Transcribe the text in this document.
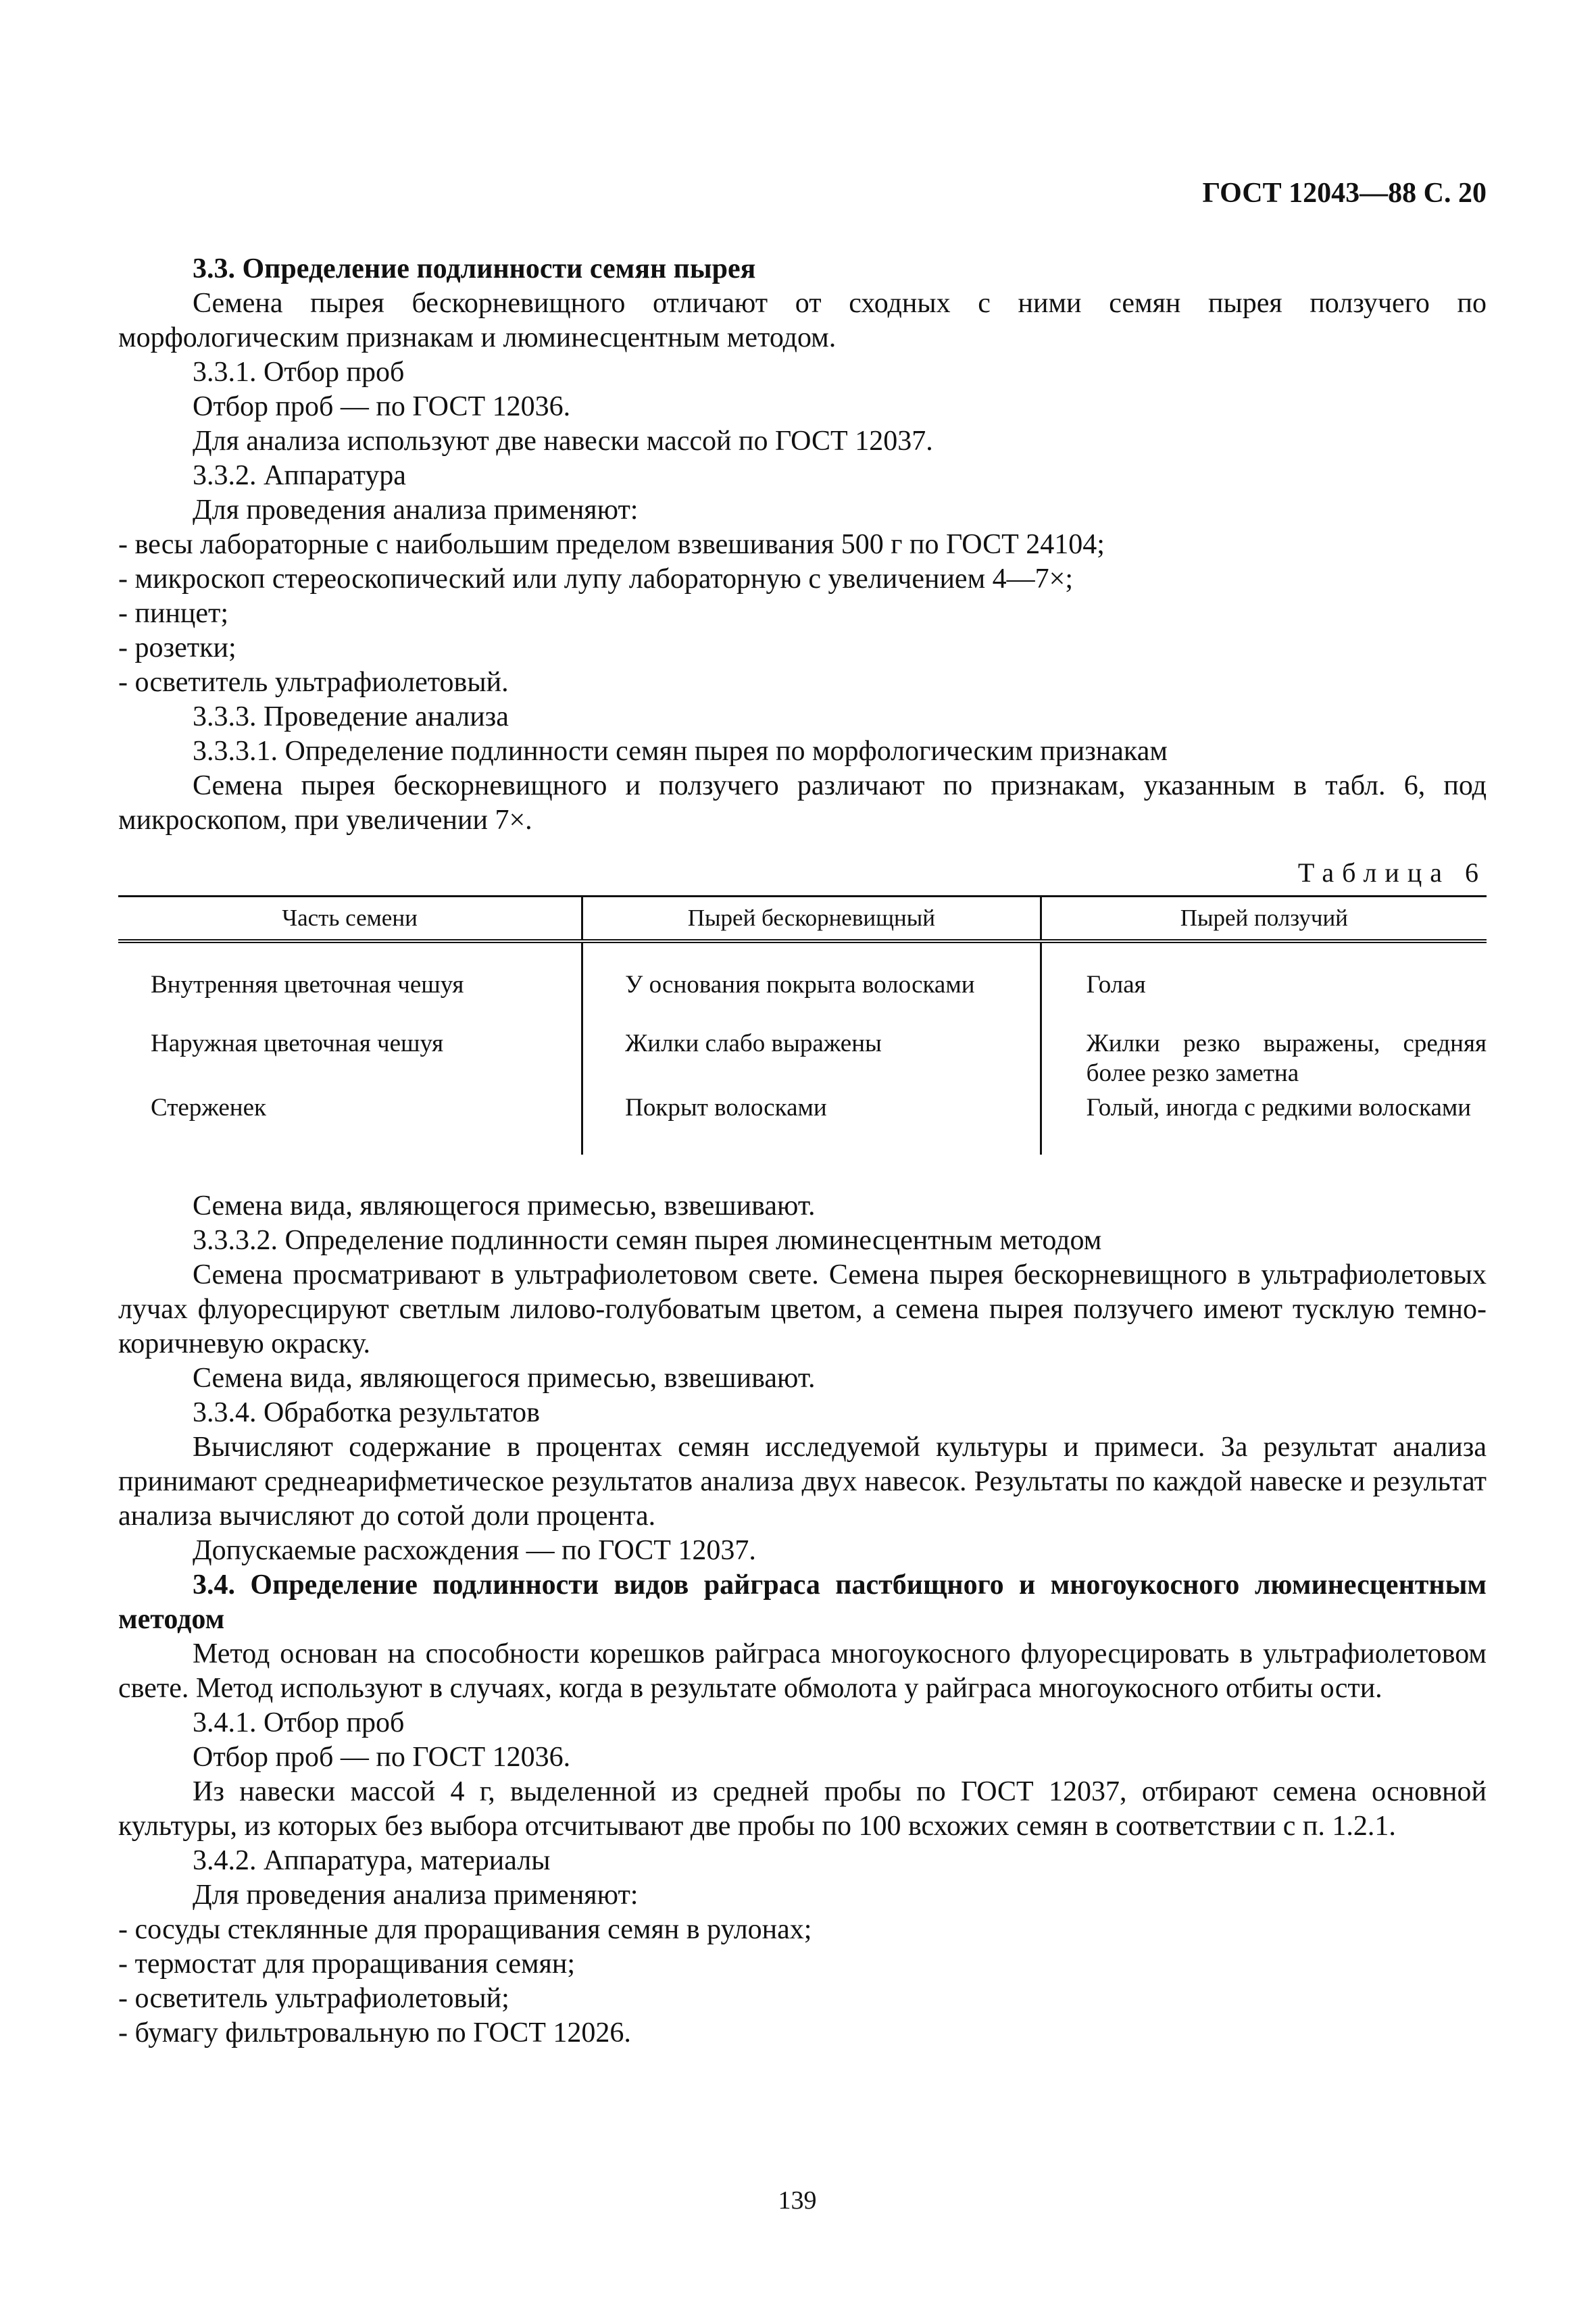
ГОСТ 12043—88 С. 20
3.3. Определение подлинности семян пырея
Семена пырея бескорневищного отличают от сходных с ними семян пырея ползучего по морфологическим признакам и люминесцентным методом.
3.3.1. Отбор проб
Отбор проб — по ГОСТ 12036.
Для анализа используют две навески массой по ГОСТ 12037.
3.3.2. Аппаратура
Для проведения анализа применяют:
- весы лабораторные с наибольшим пределом взвешивания 500 г по ГОСТ 24104;
- микроскоп стереоскопический или лупу лабораторную с увеличением 4—7×;
- пинцет;
- розетки;
- осветитель ультрафиолетовый.
3.3.3. Проведение анализа
3.3.3.1. Определение подлинности семян пырея по морфологическим признакам
Семена пырея бескорневищного и ползучего различают по признакам, указанным в табл. 6, под микроскопом, при увеличении 7×.
Таблица 6
Часть семени	Пырей бескорневищный	Пырей ползучий
Внутренняя цветочная чешуя	У основания покрыта волосками	Голая
Наружная цветочная чешуя	Жилки слабо выражены	Жилки резко выражены, средняя более резко заметна
Стерженек	Покрыт волосками	Голый, иногда с редкими волосками
Семена вида, являющегося примесью, взвешивают.
3.3.3.2. Определение подлинности семян пырея люминесцентным методом
Семена просматривают в ультрафиолетовом свете. Семена пырея бескорневищного в ультрафиолетовых лучах флуоресцируют светлым лилово-голубоватым цветом, а семена пырея ползучего имеют тусклую темно-коричневую окраску.
Семена вида, являющегося примесью, взвешивают.
3.3.4. Обработка результатов
Вычисляют содержание в процентах семян исследуемой культуры и примеси. За результат анализа принимают среднеарифметическое результатов анализа двух навесок. Результаты по каждой навеске и результат анализа вычисляют до сотой доли процента.
Допускаемые расхождения — по ГОСТ 12037.
3.4. Определение подлинности видов райграса пастбищного и многоукосного люминесцентным методом
Метод основан на способности корешков райграса многоукосного флуоресцировать в ультрафиолетовом свете. Метод используют в случаях, когда в результате обмолота у райграса многоукосного отбиты ости.
3.4.1. Отбор проб
Отбор проб — по ГОСТ 12036.
Из навески массой 4 г, выделенной из средней пробы по ГОСТ 12037, отбирают семена основной культуры, из которых без выбора отсчитывают две пробы по 100 всхожих семян в соответствии с п. 1.2.1.
3.4.2. Аппаратура, материалы
Для проведения анализа применяют:
- сосуды стеклянные для проращивания семян в рулонах;
- термостат для проращивания семян;
- осветитель ультрафиолетовый;
- бумагу фильтровальную по ГОСТ 12026.
139
